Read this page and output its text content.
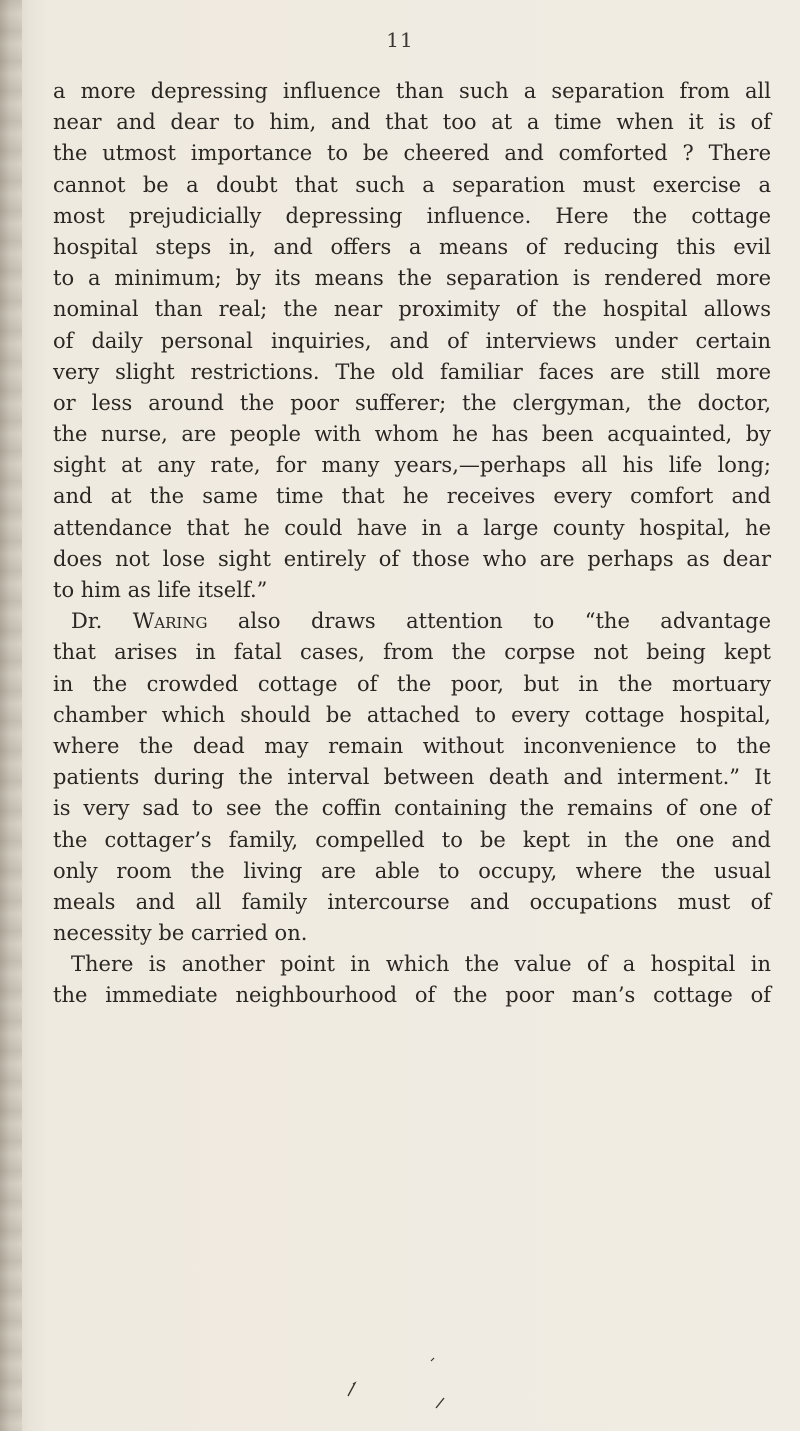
11
a more depressing influence than such a separation from all
near and dear to him, and that too at a time when it is of
the utmost importance to be cheered and comforted ? There
cannot be a doubt that such a separation must exercise a
most prejudicially depressing influence. Here the cottage
hospital steps in, and offers a means of reducing this evil
to a minimum; by its means the separation is rendered more
nominal than real; the near proximity of the hospital allows
of daily personal inquiries, and of interviews under certain
very slight restrictions. The old familiar faces are still more
or less around the poor sufferer; the clergyman, the doctor,
the nurse, are people with whom he has been acquainted, by
sight at any rate, for many years,—perhaps all his life long;
and at the same time that he receives every comfort and
attendance that he could have in a large county hospital, he
does not lose sight entirely of those who are perhaps as dear
to him as life itself.”
Dr. Waring also draws attention to “the advantage
that arises in fatal cases, from the corpse not being kept
in the crowded cottage of the poor, but in the mortuary
chamber which should be attached to every cottage hospital,
where the dead may remain without inconvenience to the
patients during the interval between death and interment.” It
is very sad to see the coffin containing the remains of one of
the cottager’s family, compelled to be kept in the one and
only room the living are able to occupy, where the usual
meals and all family intercourse and occupations must of
necessity be carried on.
There is another point in which the value of a hospital in
the immediate neighbourhood of the poor man’s cottage of
